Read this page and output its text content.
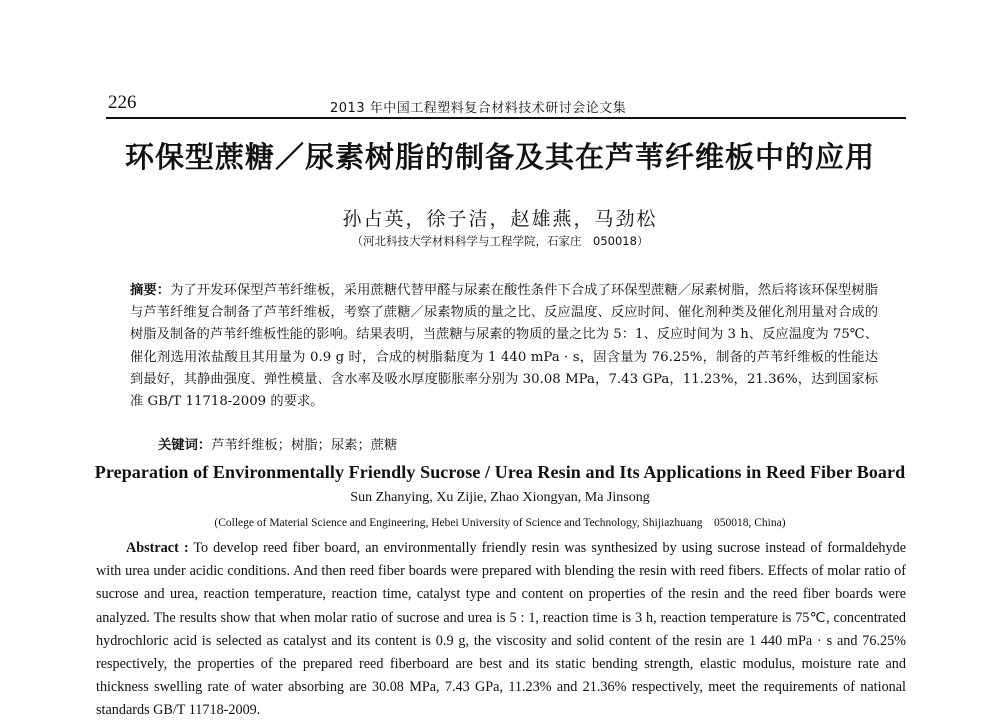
226	2013 年中国工程塑料复合材料技术研讨会论文集
环保型蔗糖／尿素树脂的制备及其在芦苇纤维板中的应用
孙占英，徐子洁，赵雄燕，马劲松
（河北科技大学材料科学与工程学院，石家庄　050018）

摘要：为了开发环保型芦苇纤维板，采用蔗糖代替甲醛与尿素在酸性条件下合成了环保型蔗糖／尿素树脂，然后将该环保型树脂与芦苇纤维复合制备了芦苇纤维板，考察了蔗糖／尿素物质的量之比、反应温度、反应时间、催化剂种类及催化剂用量对合成的树脂及制备的芦苇纤维板性能的影响。结果表明，当蔗糖与尿素的物质的量之比为 5：1、反应时间为 3 h、反应温度为 75℃、催化剂选用浓盐酸且其用量为 0.9 g 时，合成的树脂黏度为 1 440 mPa · s，固含量为 76.25%，制备的芦苇纤维板的性能达到最好，其静曲强度、弹性模量、含水率及吸水厚度膨胀率分别为 30.08 MPa，7.43 GPa，11.23%，21.36%，达到国家标准 GB/T 11718-2009 的要求。

关键词：芦苇纤维板；树脂；尿素；蔗糖

Preparation of Environmentally Friendly Sucrose / Urea Resin and Its Applications in Reed Fiber Board
Sun Zhanying, Xu Zijie, Zhao Xiongyan, Ma Jinsong
(College of Material Science and Engineering, Hebei University of Science and Technology, Shijiazhuang　050018, China)

Abstract : To develop reed fiber board, an environmentally friendly resin was synthesized by using sucrose instead of formaldehyde with urea under acidic conditions. And then reed fiber boards were prepared with blending the resin with reed fibers. Effects of molar ratio of sucrose and urea, reaction temperature, reaction time, catalyst type and content on properties of the resin and the reed fiber boards were analyzed. The results show that when molar ratio of sucrose and urea is 5 : 1, reaction time is 3 h, reaction temperature is 75℃, concentrated hydrochloric acid is selected as catalyst and its content is 0.9 g, the viscosity and solid content of the resin are 1 440 mPa · s and 76.25% respectively, the properties of the prepared reed fiberboard are best and its static bending strength, elastic modulus, moisture rate and thickness swelling rate of water absorbing are 30.08 MPa, 7.43 GPa, 11.23% and 21.36% respectively, meet the requirements of national standards GB/T 11718-2009.
